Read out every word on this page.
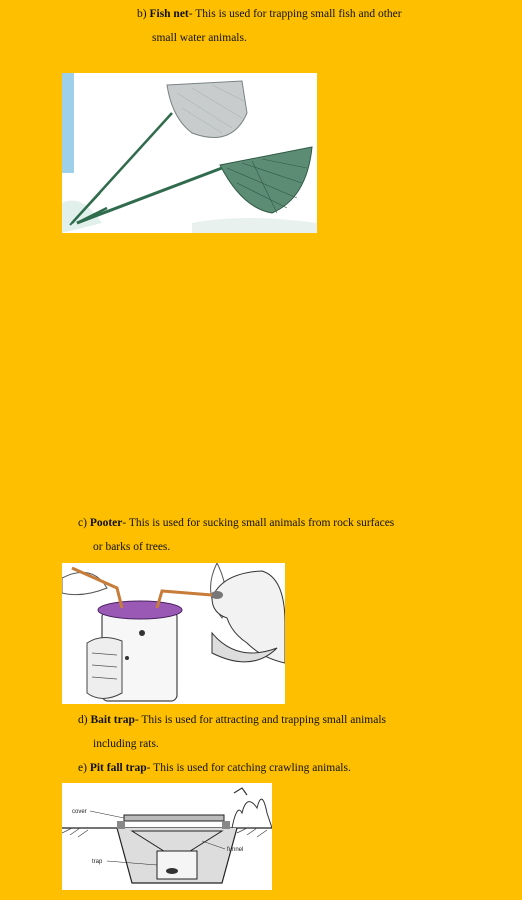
b) Fish net- This is used for trapping small fish and other
small water animals.
c) Pooter- This is used for sucking small animals from rock surfaces
or barks of trees.
d) Bait trap- This is used for attracting and trapping small animals
including rats.
e) Pit fall trap- This is used for catching crawling animals.
cover
funnel
trap
